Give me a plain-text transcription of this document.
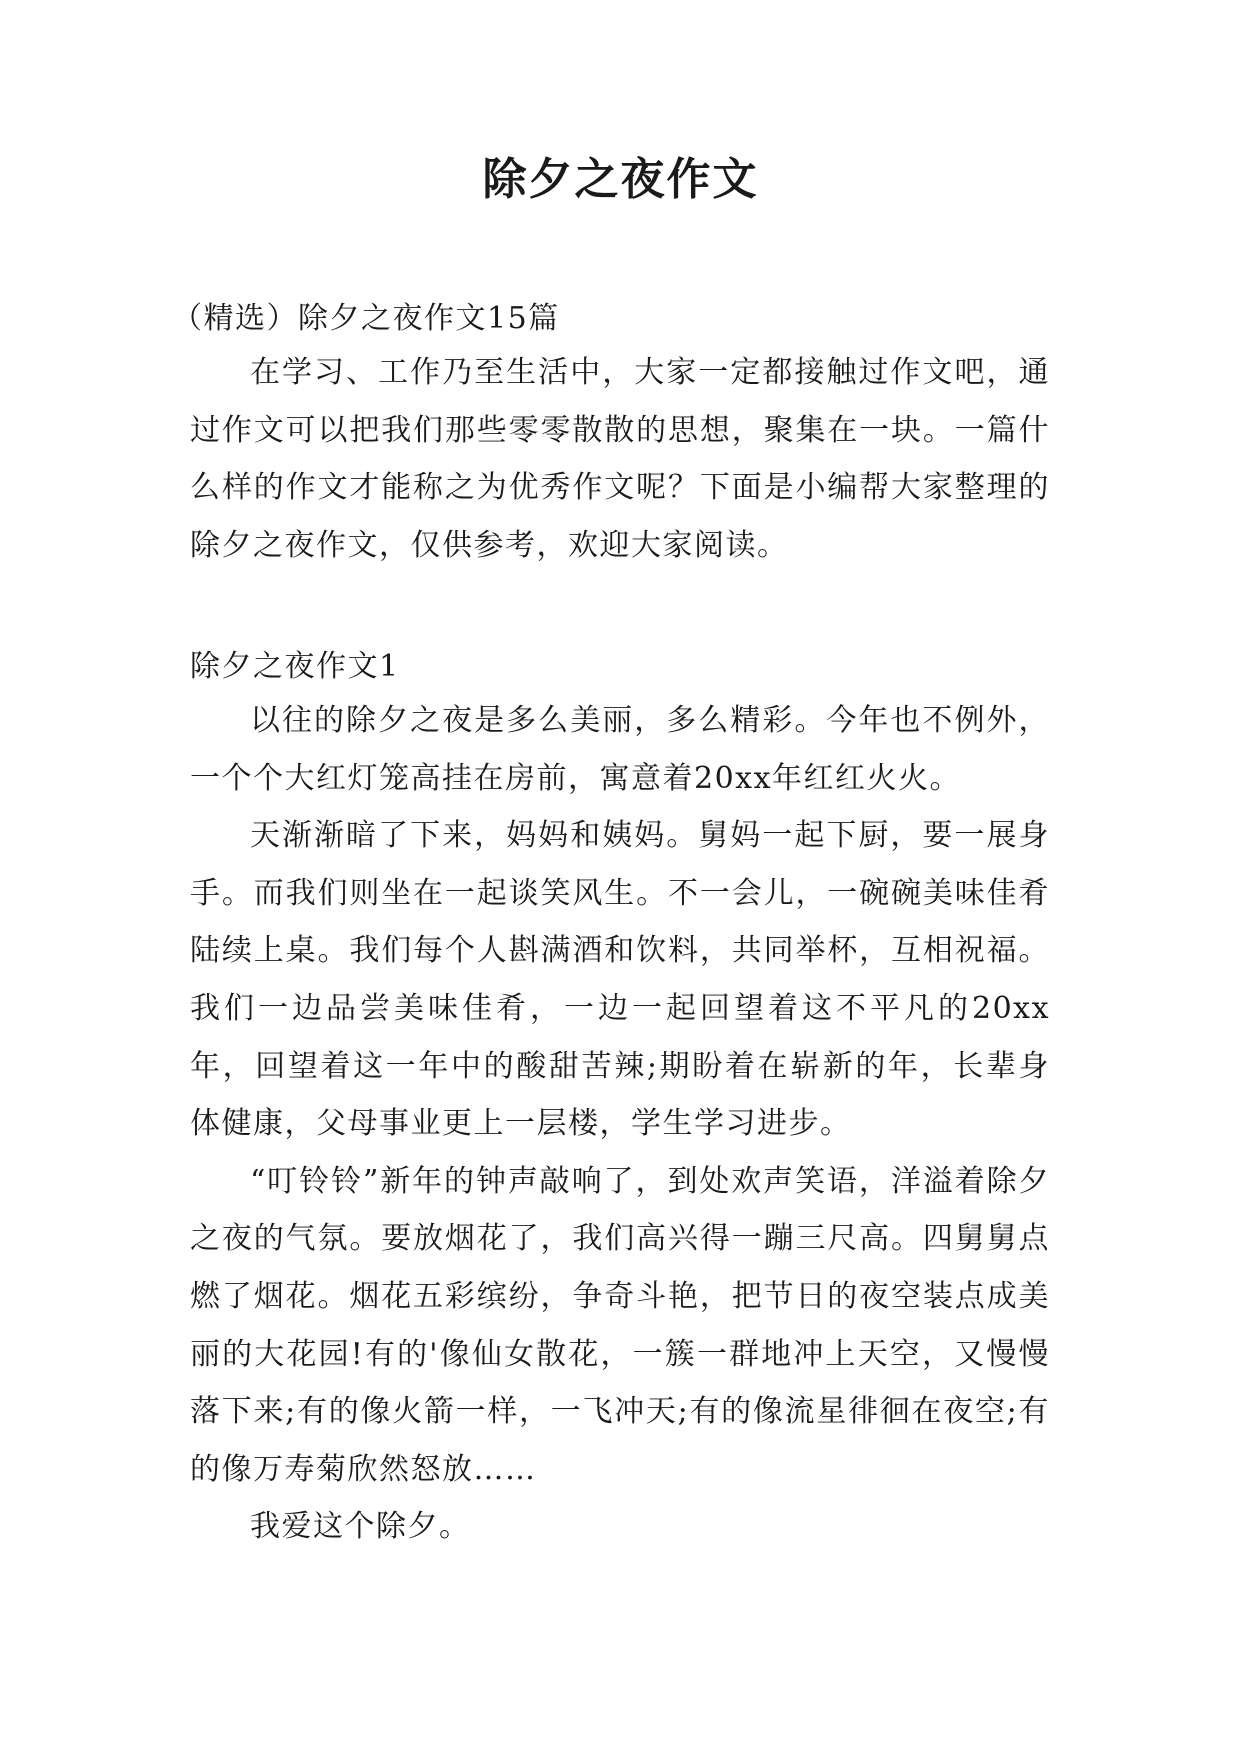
除夕之夜作文
（精选）除夕之夜作文15篇

在学习、工作乃至生活中，大家一定都接触过作文吧，通过作文可以把我们那些零零散散的思想，聚集在一块。一篇什么样的作文才能称之为优秀作文呢？下面是小编帮大家整理的除夕之夜作文，仅供参考，欢迎大家阅读。

除夕之夜作文1

以往的除夕之夜是多么美丽，多么精彩。今年也不例外，一个个大红灯笼高挂在房前，寓意着20xx年红红火火。

天渐渐暗了下来，妈妈和姨妈。舅妈一起下厨，要一展身手。而我们则坐在一起谈笑风生。不一会儿，一碗碗美味佳肴陆续上桌。我们每个人斟满酒和饮料，共同举杯，互相祝福。我们一边品尝美味佳肴，一边一起回望着这不平凡的20xx年，回望着这一年中的酸甜苦辣;期盼着在崭新的年，长辈身体健康，父母事业更上一层楼，学生学习进步。

“叮铃铃”新年的钟声敲响了，到处欢声笑语，洋溢着除夕之夜的气氛。要放烟花了，我们高兴得一蹦三尺高。四舅舅点燃了烟花。烟花五彩缤纷，争奇斗艳，把节日的夜空装点成美丽的大花园!有的'像仙女散花，一簇一群地冲上天空，又慢慢落下来;有的像火箭一样，一飞冲天;有的像流星徘徊在夜空;有的像万寿菊欣然怒放……

我爱这个除夕。
